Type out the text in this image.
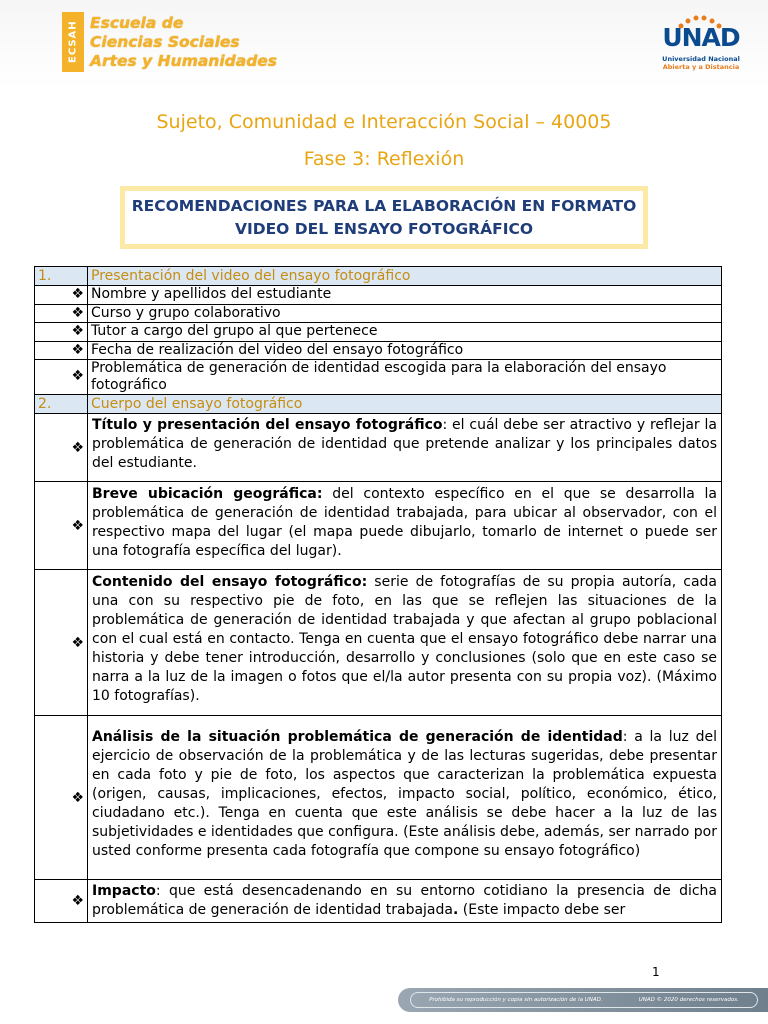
ECSAH Escuela de
Ciencias Sociales
Artes y Humanidades
UNAD
Universidad Nacional
Abierta y a Distancia
Sujeto, Comunidad e Interacción Social – 40005
Fase 3: Reflexión
RECOMENDACIONES PARA LA ELABORACIÓN EN FORMATO
VIDEO DEL ENSAYO FOTOGRÁFICO
1.	Presentación del video del ensayo fotográfico
❖	Nombre y apellidos del estudiante
❖	Curso y grupo colaborativo
❖	Tutor a cargo del grupo al que pertenece
❖	Fecha de realización del video del ensayo fotográfico
❖	Problemática de generación de identidad escogida para la elaboración del ensayo fotográfico
2.	Cuerpo del ensayo fotográfico
❖	Título y presentación del ensayo fotográfico: el cuál debe ser atractivo y reflejar la problemática de generación de identidad que pretende analizar y los principales datos del estudiante.
❖	Breve ubicación geográfica: del contexto específico en el que se desarrolla la problemática de generación de identidad trabajada, para ubicar al observador, con el respectivo mapa del lugar (el mapa puede dibujarlo, tomarlo de internet o puede ser una fotografía específica del lugar).
❖	Contenido del ensayo fotográfico: serie de fotografías de su propia autoría, cada una con su respectivo pie de foto, en las que se reflejen las situaciones de la problemática de generación de identidad trabajada y que afectan al grupo poblacional con el cual está en contacto. Tenga en cuenta que el ensayo fotográfico debe narrar una historia y debe tener introducción, desarrollo y conclusiones (solo que en este caso se narra a la luz de la imagen o fotos que el/la autor presenta con su propia voz). (Máximo 10 fotografías).
❖	Análisis de la situación problemática de generación de identidad: a la luz del ejercicio de observación de la problemática y de las lecturas sugeridas, debe presentar en cada foto y pie de foto, los aspectos que caracterizan la problemática expuesta (origen, causas, implicaciones, efectos, impacto social, político, económico, ético, ciudadano etc.). Tenga en cuenta que este análisis se debe hacer a la luz de las subjetividades e identidades que configura. (Este análisis debe, además, ser narrado por usted conforme presenta cada fotografía que compone su ensayo fotográfico)
❖	Impacto: que está desencadenando en su entorno cotidiano la presencia de dicha problemática de generación de identidad trabajada. (Este impacto debe ser
1
Prohibida su reproducción y copia sin autorización de la UNAD.	UNAD © 2020 derechos reservados.
